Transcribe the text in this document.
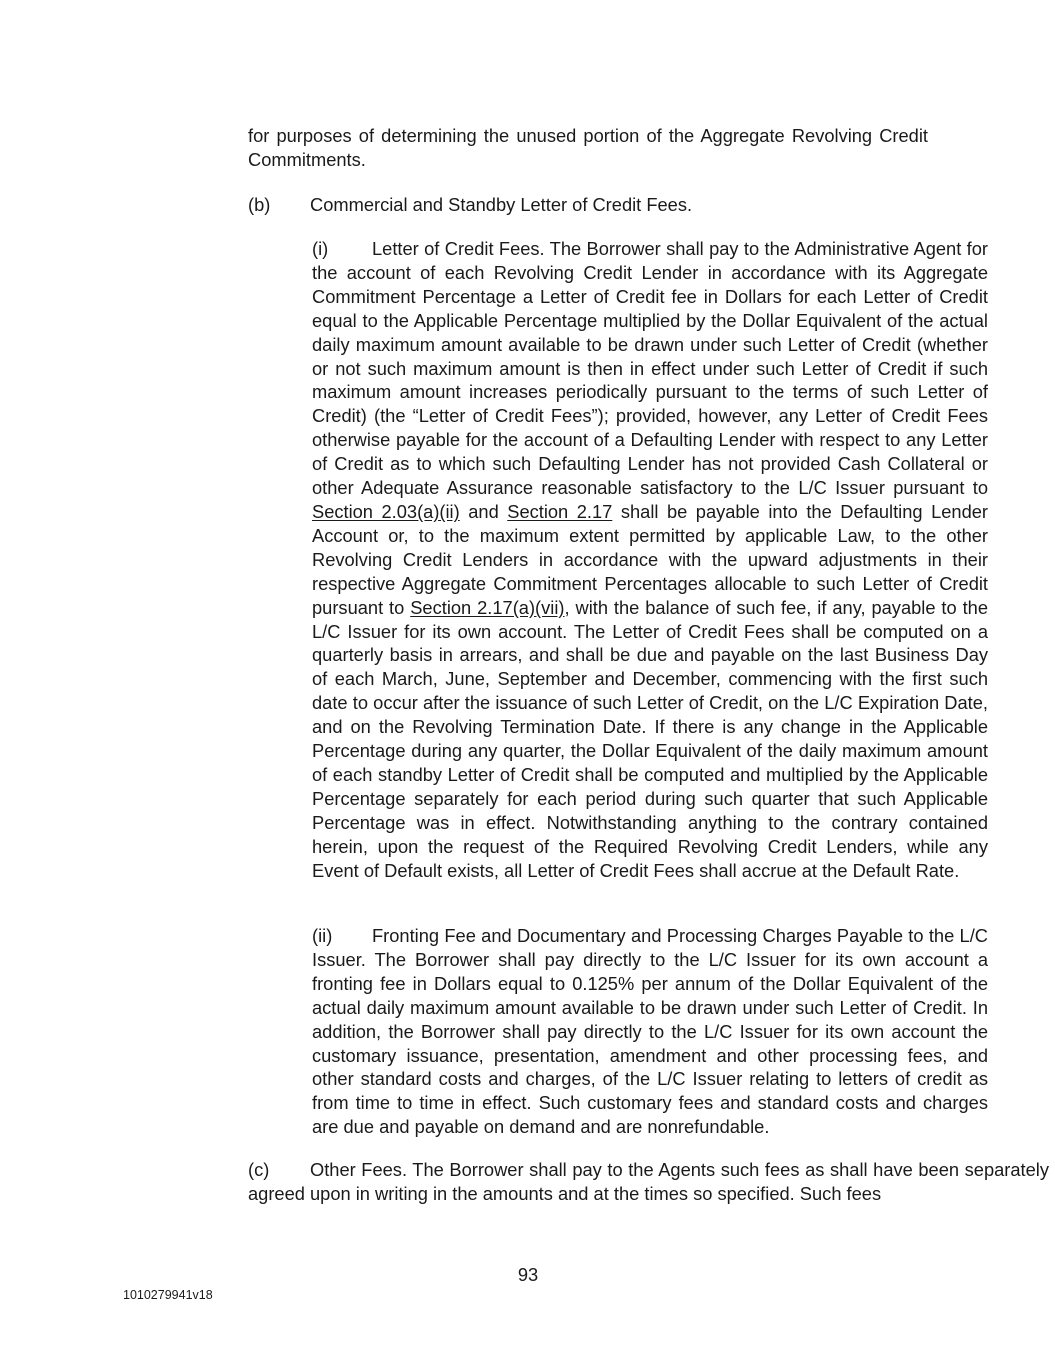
for purposes of determining the unused portion of the Aggregate Revolving Credit Commitments.

(b) Commercial and Standby Letter of Credit Fees.

(i) Letter of Credit Fees. The Borrower shall pay to the Administrative Agent for the account of each Revolving Credit Lender in accordance with its Aggregate Commitment Percentage a Letter of Credit fee in Dollars for each Letter of Credit equal to the Applicable Percentage multiplied by the Dollar Equivalent of the actual daily maximum amount available to be drawn under such Letter of Credit (whether or not such maximum amount is then in effect under such Letter of Credit if such maximum amount increases periodically pursuant to the terms of such Letter of Credit) (the “Letter of Credit Fees”); provided, however, any Letter of Credit Fees otherwise payable for the account of a Defaulting Lender with respect to any Letter of Credit as to which such Defaulting Lender has not provided Cash Collateral or other Adequate Assurance reasonable satisfactory to the L/C Issuer pursuant to Section 2.03(a)(ii) and Section 2.17 shall be payable into the Defaulting Lender Account or, to the maximum extent permitted by applicable Law, to the other Revolving Credit Lenders in accordance with the upward adjustments in their respective Aggregate Commitment Percentages allocable to such Letter of Credit pursuant to Section 2.17(a)(vii), with the balance of such fee, if any, payable to the L/C Issuer for its own account. The Letter of Credit Fees shall be computed on a quarterly basis in arrears, and shall be due and payable on the last Business Day of each March, June, September and December, commencing with the first such date to occur after the issuance of such Letter of Credit, on the L/C Expiration Date, and on the Revolving Termination Date. If there is any change in the Applicable Percentage during any quarter, the Dollar Equivalent of the daily maximum amount of each standby Letter of Credit shall be computed and multiplied by the Applicable Percentage separately for each period during such quarter that such Applicable Percentage was in effect. Notwithstanding anything to the contrary contained herein, upon the request of the Required Revolving Credit Lenders, while any Event of Default exists, all Letter of Credit Fees shall accrue at the Default Rate.

(ii) Fronting Fee and Documentary and Processing Charges Payable to the L/C Issuer. The Borrower shall pay directly to the L/C Issuer for its own account a fronting fee in Dollars equal to 0.125% per annum of the Dollar Equivalent of the actual daily maximum amount available to be drawn under such Letter of Credit. In addition, the Borrower shall pay directly to the L/C Issuer for its own account the customary issuance, presentation, amendment and other processing fees, and other standard costs and charges, of the L/C Issuer relating to letters of credit as from time to time in effect. Such customary fees and standard costs and charges are due and payable on demand and are nonrefundable.

(c) Other Fees. The Borrower shall pay to the Agents such fees as shall have been separately agreed upon in writing in the amounts and at the times so specified. Such fees

93
1010279941v18
